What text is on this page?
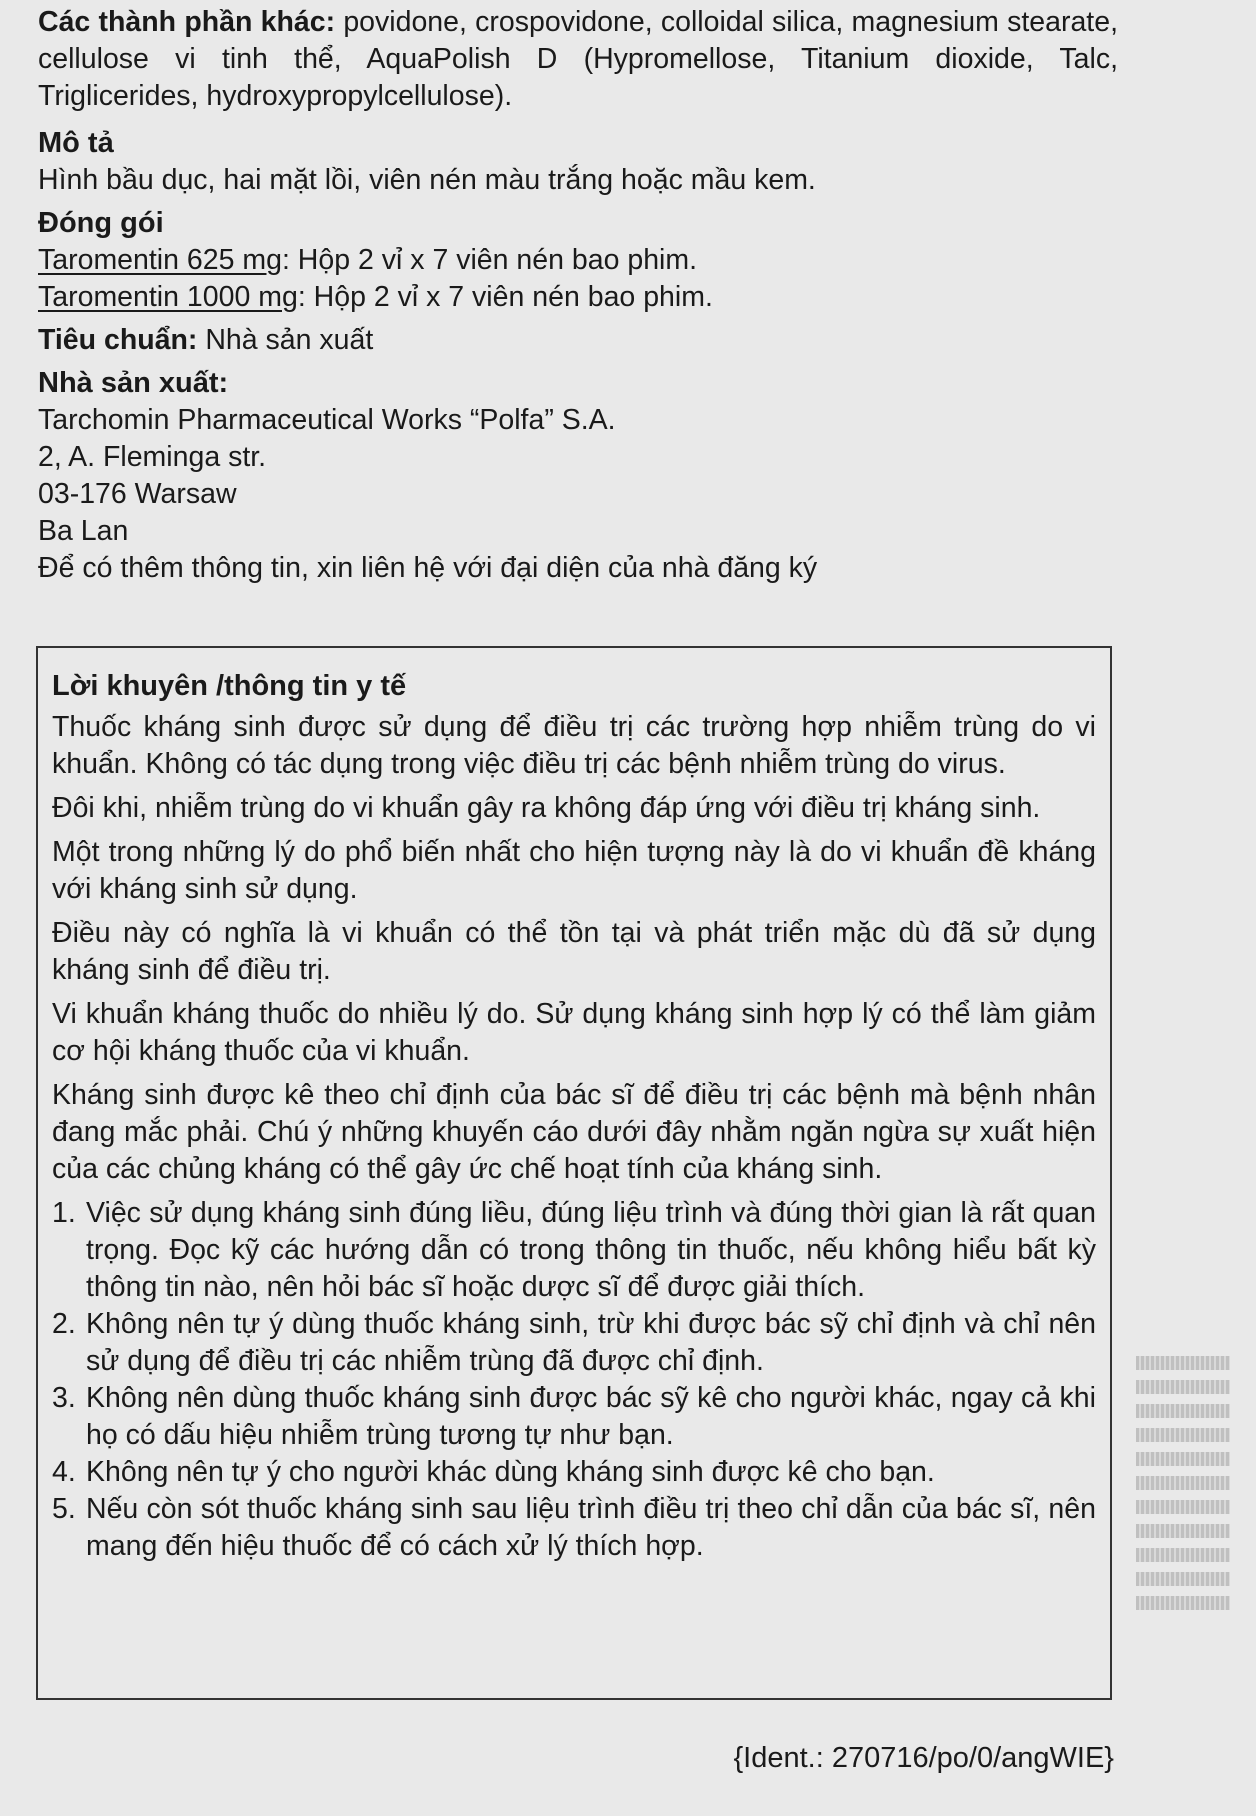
Các thành phần khác: povidone, crospovidone, colloidal silica, magnesium stearate, cellulose vi tinh thể, AquaPolish D (Hypromellose, Titanium dioxide, Talc, Triglicerides, hydroxypropylcellulose).

Mô tả

Hình bầu dục, hai mặt lồi, viên nén màu trắng hoặc mầu kem.

Đóng gói

Taromentin 625 mg: Hộp 2 vỉ x 7 viên nén bao phim.

Taromentin 1000 mg: Hộp 2 vỉ x 7 viên nén bao phim.

Tiêu chuẩn: Nhà sản xuất

Nhà sản xuất:

Tarchomin Pharmaceutical Works “Polfa” S.A.

2, A. Fleminga str.

03-176 Warsaw

Ba Lan

Để có thêm thông tin, xin liên hệ với đại diện của nhà đăng ký

Lời khuyên /thông tin y tế

Thuốc kháng sinh được sử dụng để điều trị các trường hợp nhiễm trùng do vi khuẩn. Không có tác dụng trong việc điều trị các bệnh nhiễm trùng do virus.

Đôi khi, nhiễm trùng do vi khuẩn gây ra không đáp ứng với điều trị kháng sinh.

Một trong những lý do phổ biến nhất cho hiện tượng này là do vi khuẩn đề kháng với kháng sinh sử dụng.

Điều này có nghĩa là vi khuẩn có thể tồn tại và phát triển mặc dù đã sử dụng kháng sinh để điều trị.

Vi khuẩn kháng thuốc do nhiều lý do. Sử dụng kháng sinh hợp lý có thể làm giảm cơ hội kháng thuốc của vi khuẩn.

Kháng sinh được kê theo chỉ định của bác sĩ để điều trị các bệnh mà bệnh nhân đang mắc phải. Chú ý những khuyến cáo dưới đây nhằm ngăn ngừa sự xuất hiện của các chủng kháng có thể gây ức chế hoạt tính của kháng sinh.

1. Việc sử dụng kháng sinh đúng liều, đúng liệu trình và đúng thời gian là rất quan trọng. Đọc kỹ các hướng dẫn có trong thông tin thuốc, nếu không hiểu bất kỳ thông tin nào, nên hỏi bác sĩ hoặc dược sĩ để được giải thích.
2. Không nên tự ý dùng thuốc kháng sinh, trừ khi được bác sỹ chỉ định và chỉ nên sử dụng để điều trị các nhiễm trùng đã được chỉ định.
3. Không nên dùng thuốc kháng sinh được bác sỹ kê cho người khác, ngay cả khi họ có dấu hiệu nhiễm trùng tương tự như bạn.
4. Không nên tự ý cho người khác dùng kháng sinh được kê cho bạn.
5. Nếu còn sót thuốc kháng sinh sau liệu trình điều trị theo chỉ dẫn của bác sĩ, nên mang đến hiệu thuốc để có cách xử lý thích hợp.
{Ident.: 270716/po/0/angWIE}
